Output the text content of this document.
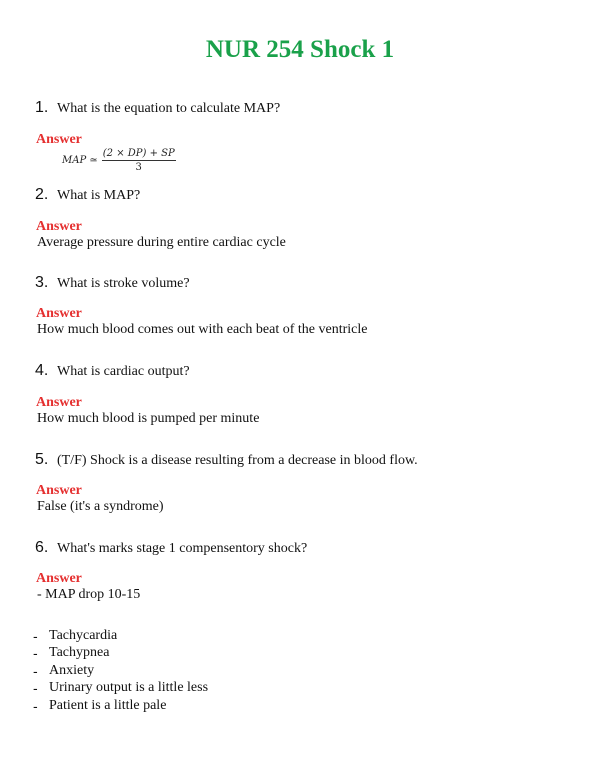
NUR 254 Shock 1
1. What is the equation to calculate MAP?
Answer
MAP ≃ $\frac{(2 \times DP) + SP}{3}$
2. What is MAP?
Answer
Average pressure during entire cardiac cycle
3. What is stroke volume?
Answer
How much blood comes out with each beat of the ventricle
4. What is cardiac output?
Answer
How much blood is pumped per minute
5. (T/F) Shock is a disease resulting from a decrease in blood flow.
Answer
False (it's a syndrome)
6. What's marks stage 1 compensentory shock?
Answer
- MAP drop 10-15
- Tachycardia
- Tachypnea
- Anxiety
- Urinary output is a little less
- Patient is a little pale
